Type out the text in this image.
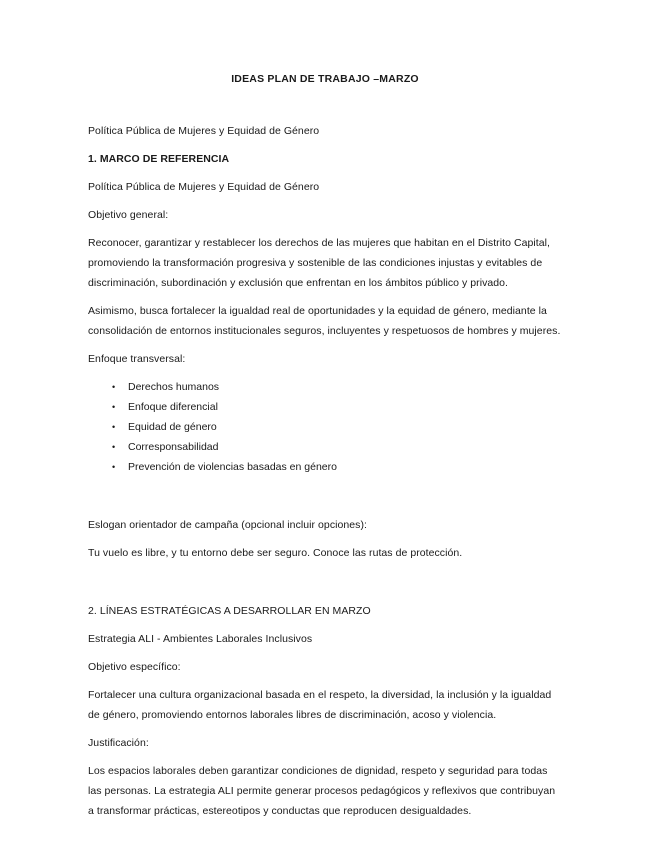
IDEAS PLAN DE TRABAJO –MARZO

Política Pública de Mujeres y Equidad de Género

1. MARCO DE REFERENCIA

Política Pública de Mujeres y Equidad de Género

Objetivo general:

Reconocer, garantizar y restablecer los derechos de las mujeres que habitan en el Distrito Capital, promoviendo la transformación progresiva y sostenible de las condiciones injustas y evitables de discriminación, subordinación y exclusión que enfrentan en los ámbitos público y privado.

Asimismo, busca fortalecer la igualdad real de oportunidades y la equidad de género, mediante la consolidación de entornos institucionales seguros, incluyentes y respetuosos de hombres y mujeres.

Enfoque transversal:

• Derechos humanos
• Enfoque diferencial
• Equidad de género
• Corresponsabilidad
• Prevención de violencias basadas en género

Eslogan orientador de campaña (opcional incluir opciones):

Tu vuelo es libre, y tu entorno debe ser seguro. Conoce las rutas de protección.

2. LÍNEAS ESTRATÉGICAS A DESARROLLAR EN MARZO

Estrategia ALI - Ambientes Laborales Inclusivos

Objetivo específico:

Fortalecer una cultura organizacional basada en el respeto, la diversidad, la inclusión y la igualdad de género, promoviendo entornos laborales libres de discriminación, acoso y violencia.

Justificación:

Los espacios laborales deben garantizar condiciones de dignidad, respeto y seguridad para todas las personas. La estrategia ALI permite generar procesos pedagógicos y reflexivos que contribuyan a transformar prácticas, estereotipos y conductas que reproducen desigualdades.
